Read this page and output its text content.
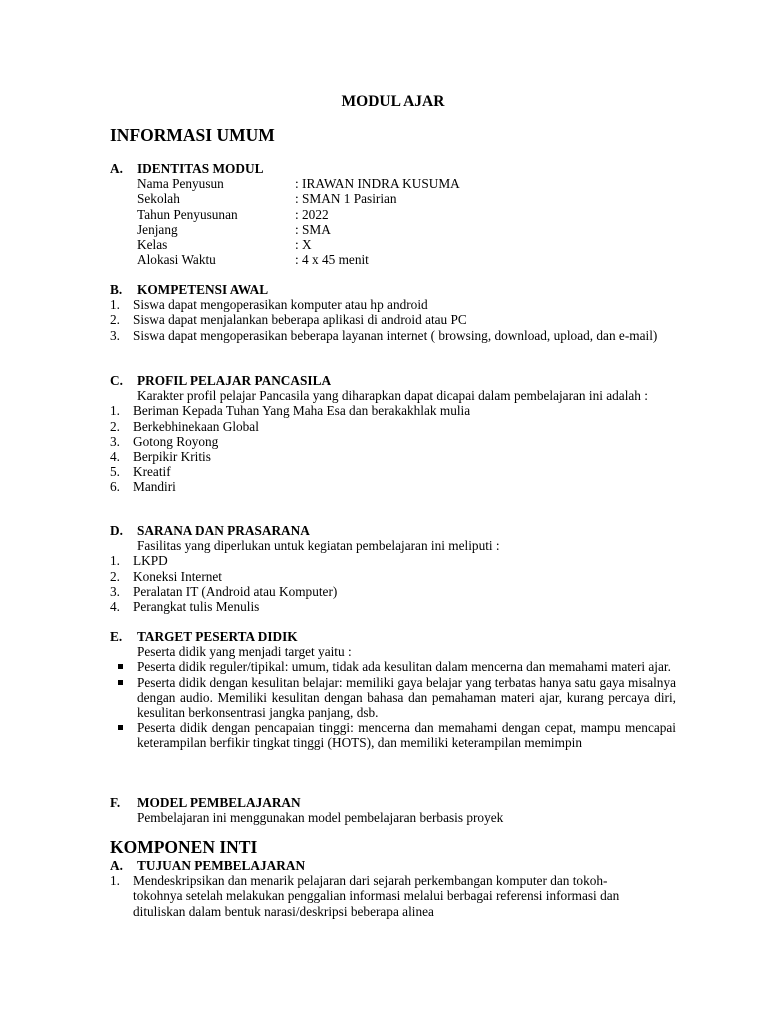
MODUL AJAR
INFORMASI UMUM
A.	IDENTITAS MODUL
Nama Penyusun	: IRAWAN INDRA KUSUMA
Sekolah	: SMAN 1 Pasirian
Tahun Penyusunan	: 2022
Jenjang	: SMA
Kelas	: X
Alokasi Waktu	: 4 x 45 menit
B.	KOMPETENSI AWAL
1. Siswa dapat mengoperasikan komputer atau hp android
2. Siswa dapat menjalankan beberapa aplikasi di android atau PC
3. Siswa dapat mengoperasikan beberapa layanan internet ( browsing, download, upload, dan e-mail)
C.	PROFIL PELAJAR PANCASILA
Karakter profil pelajar Pancasila yang diharapkan dapat dicapai dalam pembelajaran ini adalah :
1. Beriman Kepada Tuhan Yang Maha Esa dan berakakhlak mulia
2. Berkebhinekaan Global
3. Gotong Royong
4. Berpikir Kritis
5. Kreatif
6. Mandiri
D.	SARANA DAN PRASARANA
Fasilitas yang diperlukan untuk kegiatan pembelajaran ini meliputi :
1. LKPD
2. Koneksi Internet
3. Peralatan IT (Android atau Komputer)
4. Perangkat tulis Menulis
E.	TARGET PESERTA DIDIK
Peserta didik yang menjadi target yaitu :
Peserta didik reguler/tipikal: umum, tidak ada kesulitan dalam mencerna dan memahami materi ajar.
Peserta didik dengan kesulitan belajar: memiliki gaya belajar yang terbatas hanya satu gaya misalnya dengan audio. Memiliki kesulitan dengan bahasa dan pemahaman materi ajar, kurang percaya diri, kesulitan berkonsentrasi jangka panjang, dsb.
Peserta didik dengan pencapaian tinggi: mencerna dan memahami dengan cepat, mampu mencapai keterampilan berfikir tingkat tinggi (HOTS), dan memiliki keterampilan memimpin
F.	MODEL PEMBELAJARAN
Pembelajaran ini menggunakan model pembelajaran berbasis proyek
KOMPONEN INTI
A.	TUJUAN PEMBELAJARAN
1. Mendeskripsikan dan menarik pelajaran dari sejarah perkembangan komputer dan tokoh-tokohnya setelah melakukan penggalian informasi melalui berbagai referensi informasi dan dituliskan dalam bentuk narasi/deskripsi beberapa alinea
